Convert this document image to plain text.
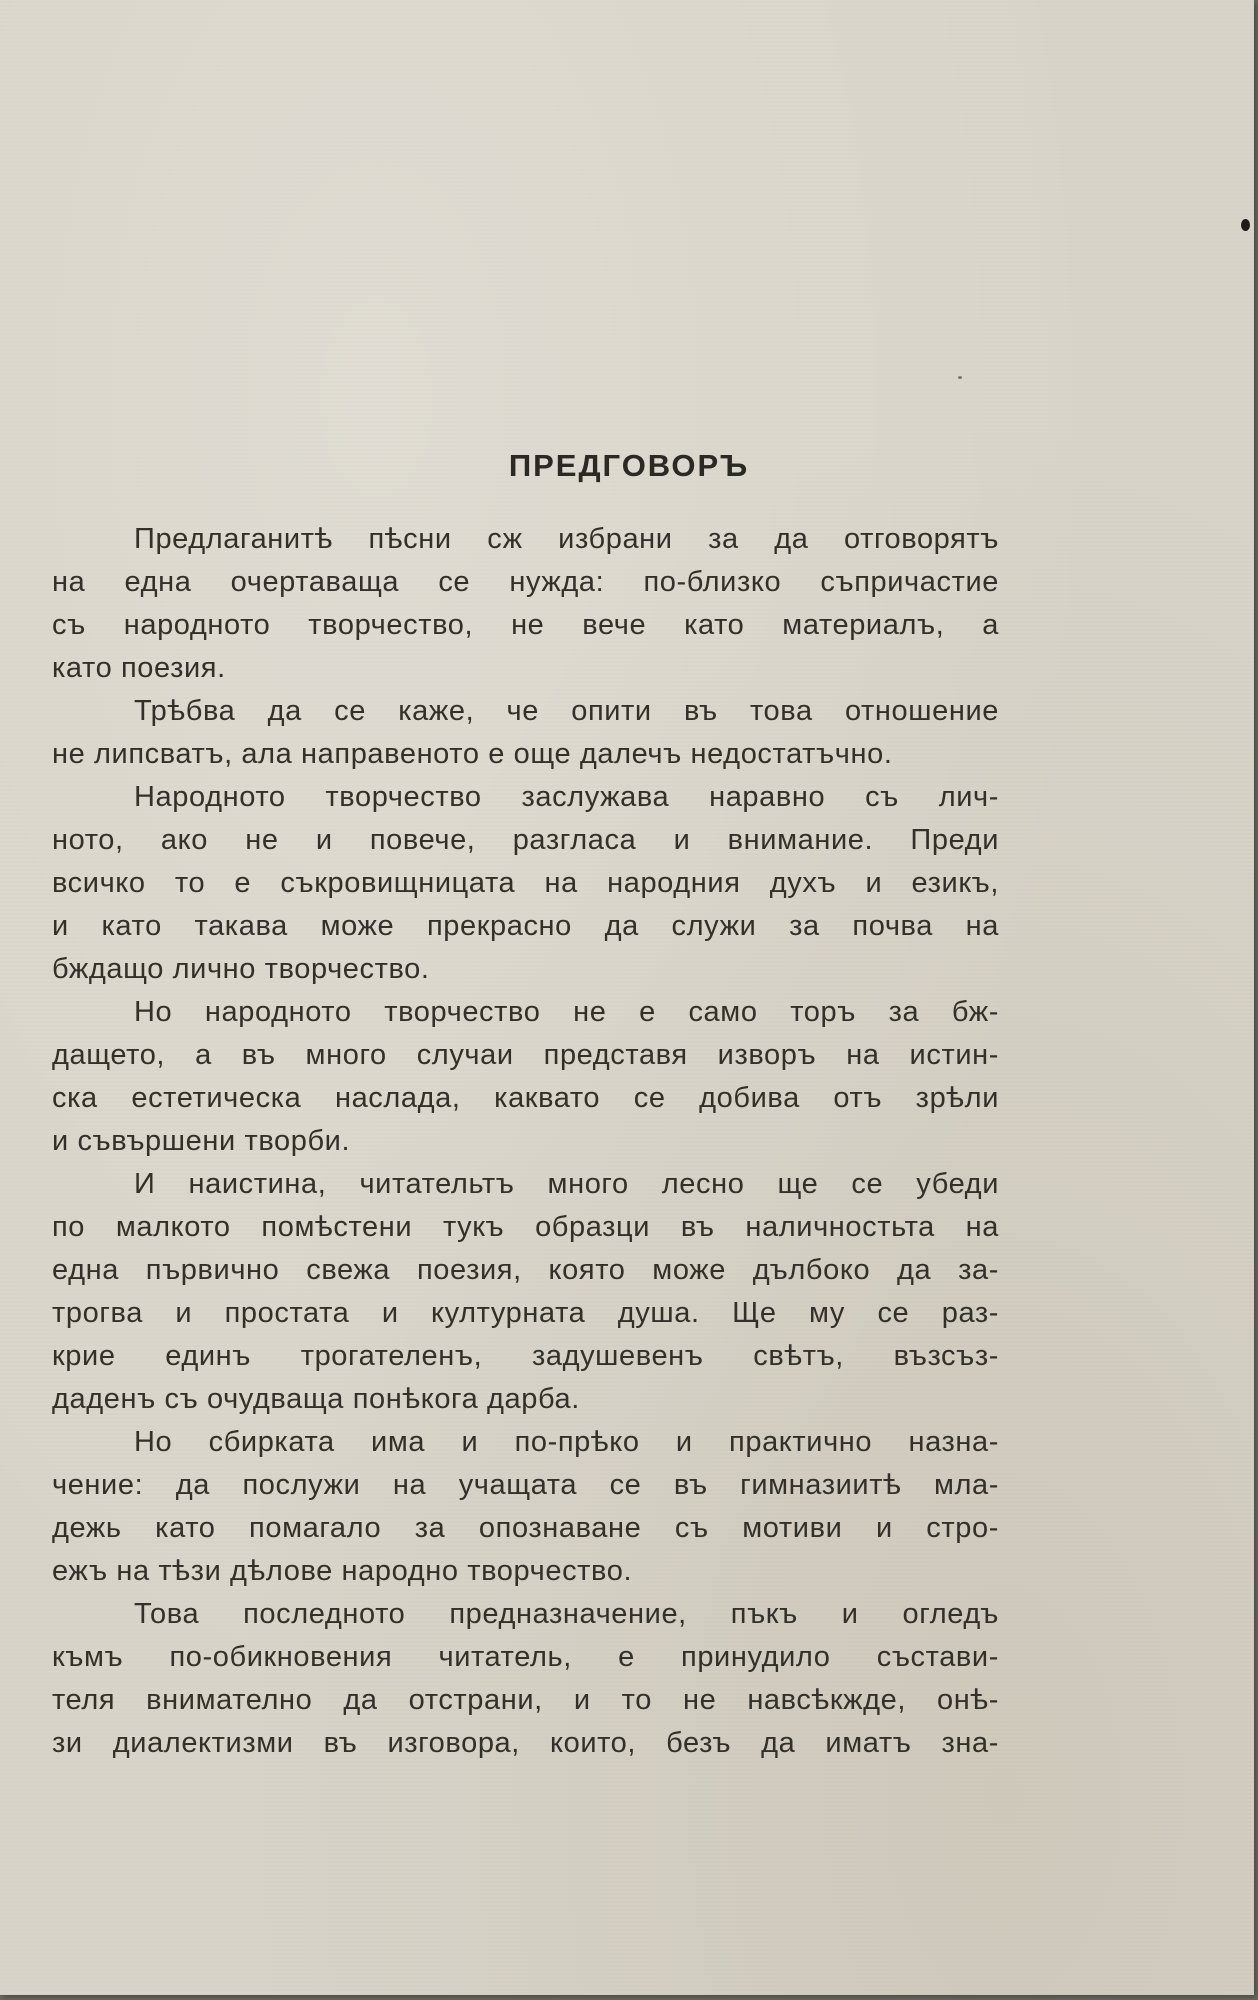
ПРЕДГОВОРЪ
Предлаганитѣ пѣсни сж избрани за да отговорятъ
на една очертаваща се нужда: по-близко съпричастие
съ народното творчество, не вече като материалъ, а
като поезия.
Трѣбва да се каже, че опити въ това отношение
не липсватъ, ала направеното е още далечъ недостатъчно.
Народното творчество заслужава наравно съ лич-
ното, ако не и повече, разгласа и внимание. Преди
всичко то е съкровищницата на народния духъ и езикъ,
и като такава може прекрасно да служи за почва на
бждащо лично творчество.
Но народното творчество не е само торъ за бж-
дащето, а въ много случаи представя изворъ на истин-
ска естетическа наслада, каквато се добива отъ зрѣли
и съвършени творби.
И наистина, читательтъ много лесно ще се убеди
по малкото помѣстени тукъ образци въ наличностьта на
една първично свежа поезия, която може дълбоко да за-
трогва и простата и културната душа. Ще му се раз-
крие единъ трогателенъ, задушевенъ свѣтъ, възсъз-
даденъ съ очудваща понѣкога дарба.
Но сбирката има и по-прѣко и практично назна-
чение: да послужи на учащата се въ гимназиитѣ мла-
дежь като помагало за опознаване съ мотиви и стро-
ежъ на тѣзи дѣлове народно творчество.
Това последното предназначение, пъкъ и огледъ
къмъ по-обикновения читатель, е принудило състави-
теля внимателно да отстрани, и то не навсѣкжде, онѣ-
зи диалектизми въ изговора, които, безъ да иматъ зна-
